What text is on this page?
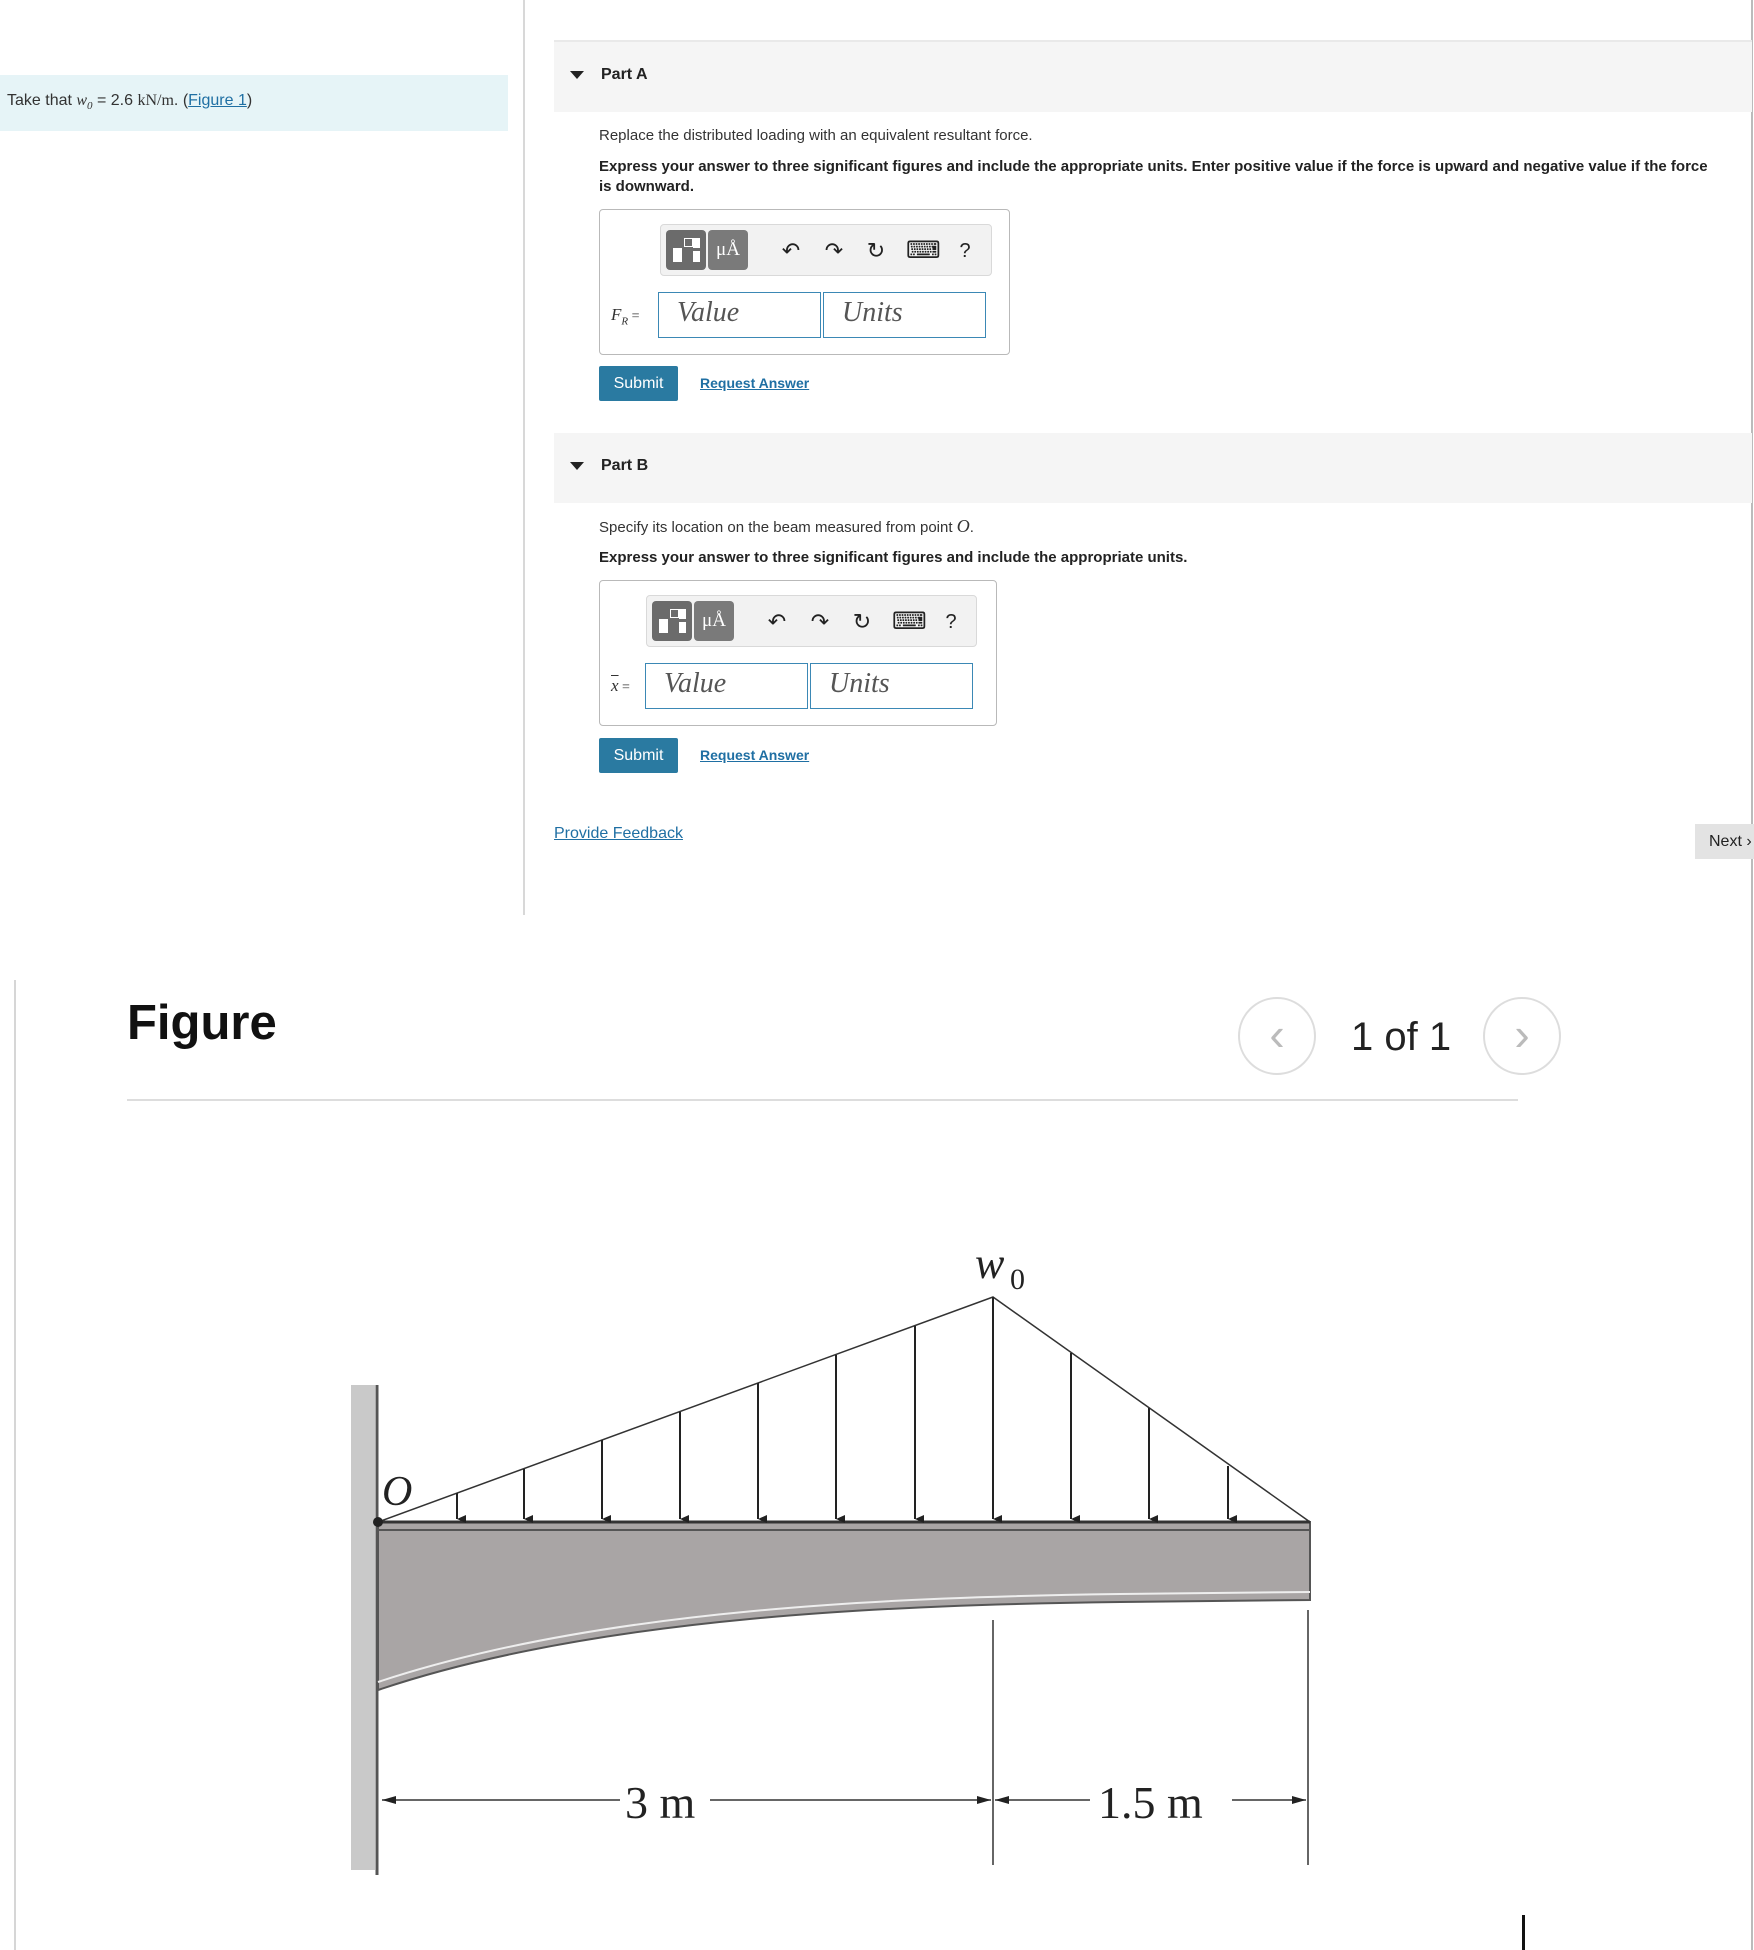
Take that $w_0 = 2.6$ kN/m. (Figure 1)
Part A
Replace the distributed loading with an equivalent resultant force.
Express your answer to three significant figures and include the appropriate units. Enter positive value if the force is upward and negative value if the force is downward.
μÅ	↶ ↷ ↻ ⌨ ?
$F_R$ =	Value	Units
Submit	Request Answer
Part B
Specify its location on the beam measured from point O.
Express your answer to three significant figures and include the appropriate units.
μÅ	↶ ↷ ↻ ⌨ ?
$\overline{x}$ =	Value	Units
Submit	Request Answer
Provide Feedback	Next ›
Figure	‹	1 of 1	›
O
w 0
3 m	1.5 m
